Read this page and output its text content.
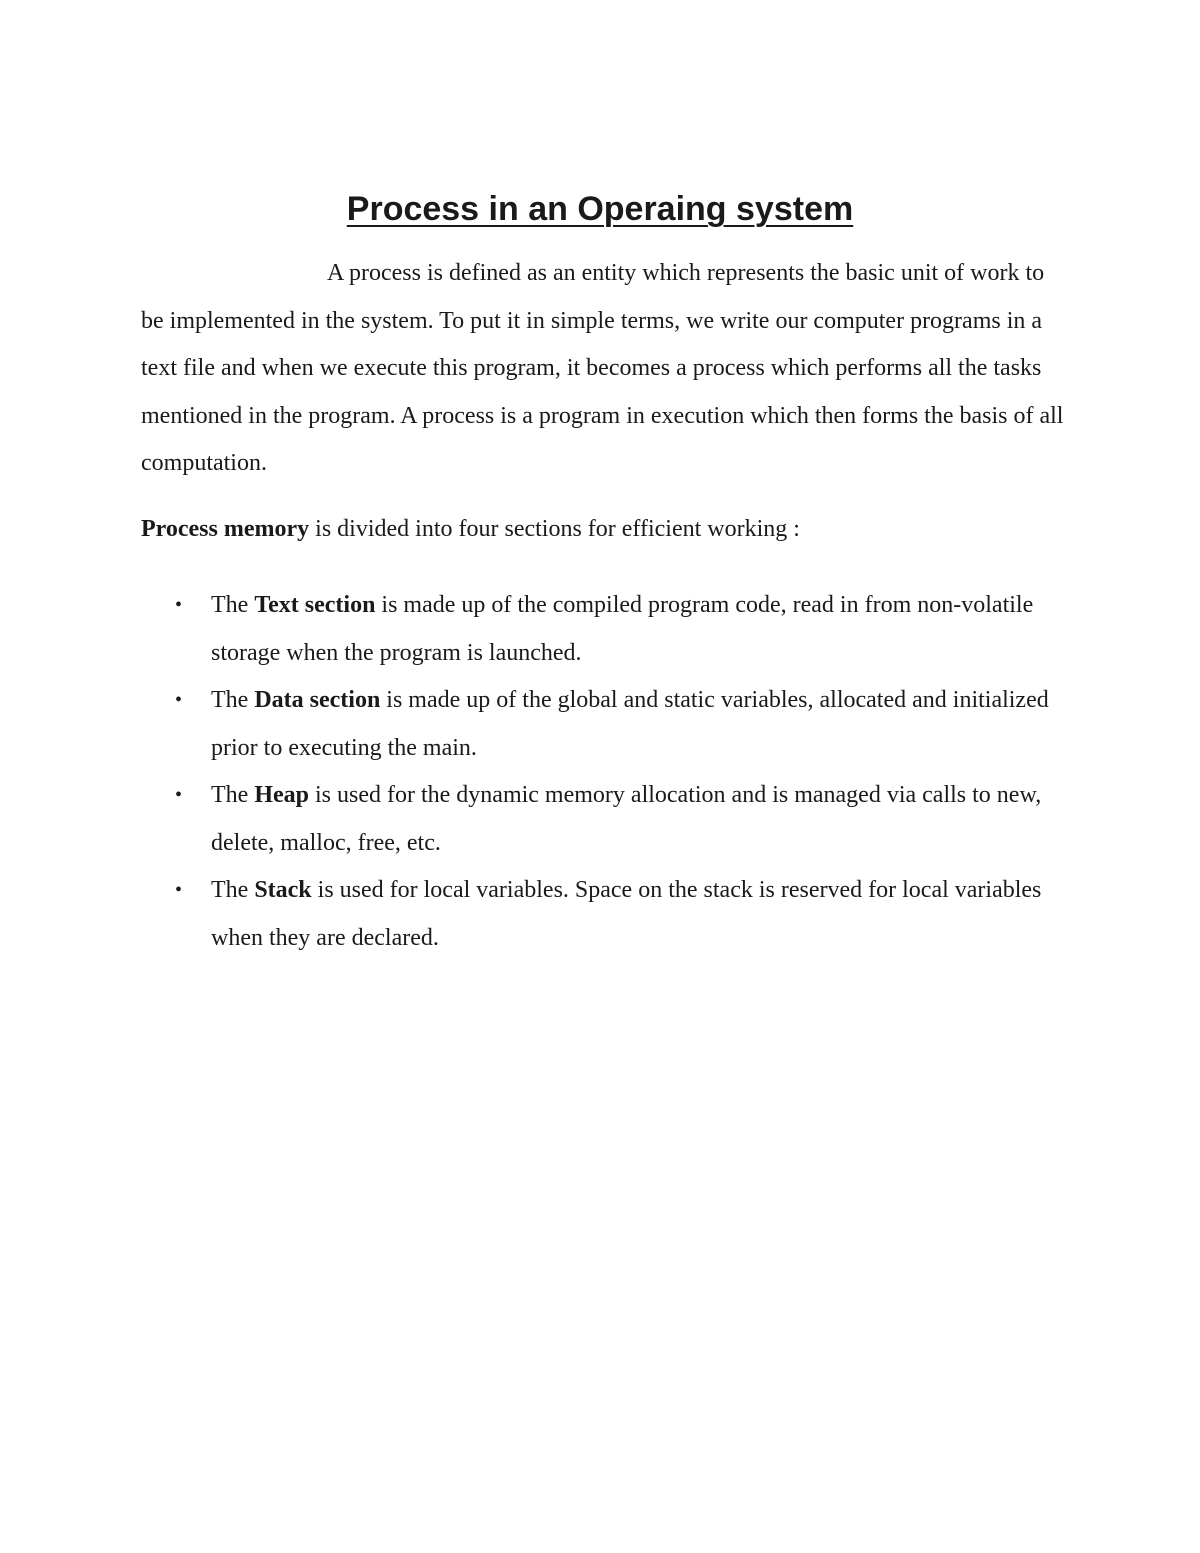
Process in an Operaing system

A process is defined as an entity which represents the basic unit of work to be implemented in the system. To put it in simple terms, we write our computer programs in a text file and when we execute this program, it becomes a process which performs all the tasks mentioned in the program. A process is a program in execution which then forms the basis of all computation.

Process memory is divided into four sections for efficient working :

• The Text section is made up of the compiled program code, read in from non-volatile storage when the program is launched.
• The Data section is made up of the global and static variables, allocated and initialized prior to executing the main.
• The Heap is used for the dynamic memory allocation and is managed via calls to new, delete, malloc, free, etc.
• The Stack is used for local variables. Space on the stack is reserved for local variables when they are declared.
